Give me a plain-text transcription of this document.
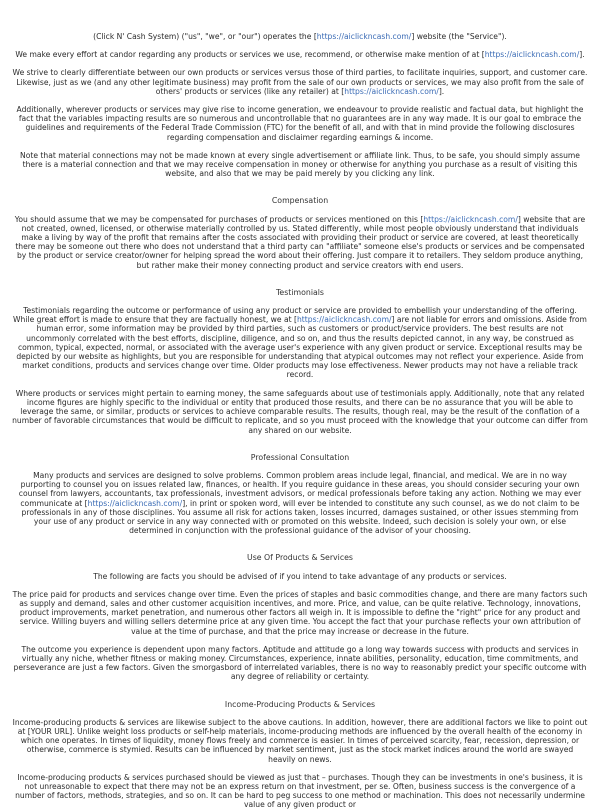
(Click N' Cash System) ("us", "we", or "our") operates the [https://aiclickncash.com/] website (the "Service").

We make every effort at candor regarding any products or services we use, recommend, or otherwise make mention of at [https://aiclickncash.com/].

We strive to clearly differentiate between our own products or services versus those of third parties, to facilitate inquiries, support, and customer care. Likewise, just as we (and any other legitimate business) may profit from the sale of our own products or services, we may also profit from the sale of others' products or services (like any retailer) at [https://aiclickncash.com/].

Additionally, wherever products or services may give rise to income generation, we endeavour to provide realistic and factual data, but highlight the fact that the variables impacting results are so numerous and uncontrollable that no guarantees are in any way made. It is our goal to embrace the guidelines and requirements of the Federal Trade Commission (FTC) for the benefit of all, and with that in mind provide the following disclosures regarding compensation and disclaimer regarding earnings & income.

Note that material connections may not be made known at every single advertisement or affiliate link. Thus, to be safe, you should simply assume there is a material connection and that we may receive compensation in money or otherwise for anything you purchase as a result of visiting this website, and also that we may be paid merely by you clicking any link.

Compensation

You should assume that we may be compensated for purchases of products or services mentioned on this [https://aiclickncash.com/] website that are not created, owned, licensed, or otherwise materially controlled by us. Stated differently, while most people obviously understand that individuals make a living by way of the profit that remains after the costs associated with providing their product or service are covered, at least theoretically there may be someone out there who does not understand that a third party can "affiliate" someone else's products or services and be compensated by the product or service creator/owner for helping spread the word about their offering. Just compare it to retailers. They seldom produce anything, but rather make their money connecting product and service creators with end users.

Testimonials

Testimonials regarding the outcome or performance of using any product or service are provided to embellish your understanding of the offering. While great effort is made to ensure that they are factually honest, we at [https://aiclickncash.com/] are not liable for errors and omissions. Aside from human error, some information may be provided by third parties, such as customers or product/service providers. The best results are not uncommonly correlated with the best efforts, discipline, diligence, and so on, and thus the results depicted cannot, in any way, be construed as common, typical, expected, normal, or associated with the average user's experience with any given product or service. Exceptional results may be depicted by our website as highlights, but you are responsible for understanding that atypical outcomes may not reflect your experience. Aside from market conditions, products and services change over time. Older products may lose effectiveness. Newer products may not have a reliable track record.

Where products or services might pertain to earning money, the same safeguards about use of testimonials apply. Additionally, note that any related income figures are highly specific to the individual or entity that produced those results, and there can be no assurance that you will be able to leverage the same, or similar, products or services to achieve comparable results. The results, though real, may be the result of the conflation of a number of favorable circumstances that would be difficult to replicate, and so you must proceed with the knowledge that your outcome can differ from any shared on our website.

Professional Consultation

Many products and services are designed to solve problems. Common problem areas include legal, financial, and medical. We are in no way purporting to counsel you on issues related law, finances, or health. If you require guidance in these areas, you should consider securing your own counsel from lawyers, accountants, tax professionals, investment advisors, or medical professionals before taking any action. Nothing we may ever communicate at [https://aiclickncash.com/], in print or spoken word, will ever be intended to constitute any such counsel, as we do not claim to be professionals in any of those disciplines. You assume all risk for actions taken, losses incurred, damages sustained, or other issues stemming from your use of any product or service in any way connected with or promoted on this website. Indeed, such decision is solely your own, or else determined in conjunction with the professional guidance of the advisor of your choosing.

Use Of Products & Services

The following are facts you should be advised of if you intend to take advantage of any products or services.

The price paid for products and services change over time. Even the prices of staples and basic commodities change, and there are many factors such as supply and demand, sales and other customer acquisition incentives, and more. Price, and value, can be quite relative. Technology, innovations, product improvements, market penetration, and numerous other factors all weigh in. It is impossible to define the "right" price for any product and service. Willing buyers and willing sellers determine price at any given time. You accept the fact that your purchase reflects your own attribution of value at the time of purchase, and that the price may increase or decrease in the future.

The outcome you experience is dependent upon many factors. Aptitude and attitude go a long way towards success with products and services in virtually any niche, whether fitness or making money. Circumstances, experience, innate abilities, personality, education, time commitments, and perseverance are just a few factors. Given the smorgasbord of interrelated variables, there is no way to reasonably predict your specific outcome with any degree of reliability or certainty.

Income-Producing Products & Services

Income-producing products & services are likewise subject to the above cautions. In addition, however, there are additional factors we like to point out at [YOUR URL]. Unlike weight loss products or self-help materials, income-producing methods are influenced by the overall health of the economy in which one operates. In times of liquidity, money flows freely and commerce is easier. In times of perceived scarcity, fear, recession, depression, or otherwise, commerce is stymied. Results can be influenced by market sentiment, just as the stock market indices around the world are swayed heavily on news.

Income-producing products & services purchased should be viewed as just that – purchases. Though they can be investments in one's business, it is not unreasonable to expect that there may not be an express return on that investment, per se. Often, business success is the convergence of a number of factors, methods, strategies, and so on. It can be hard to peg success to one method or machination. This does not necessarily undermine value of any given product or
